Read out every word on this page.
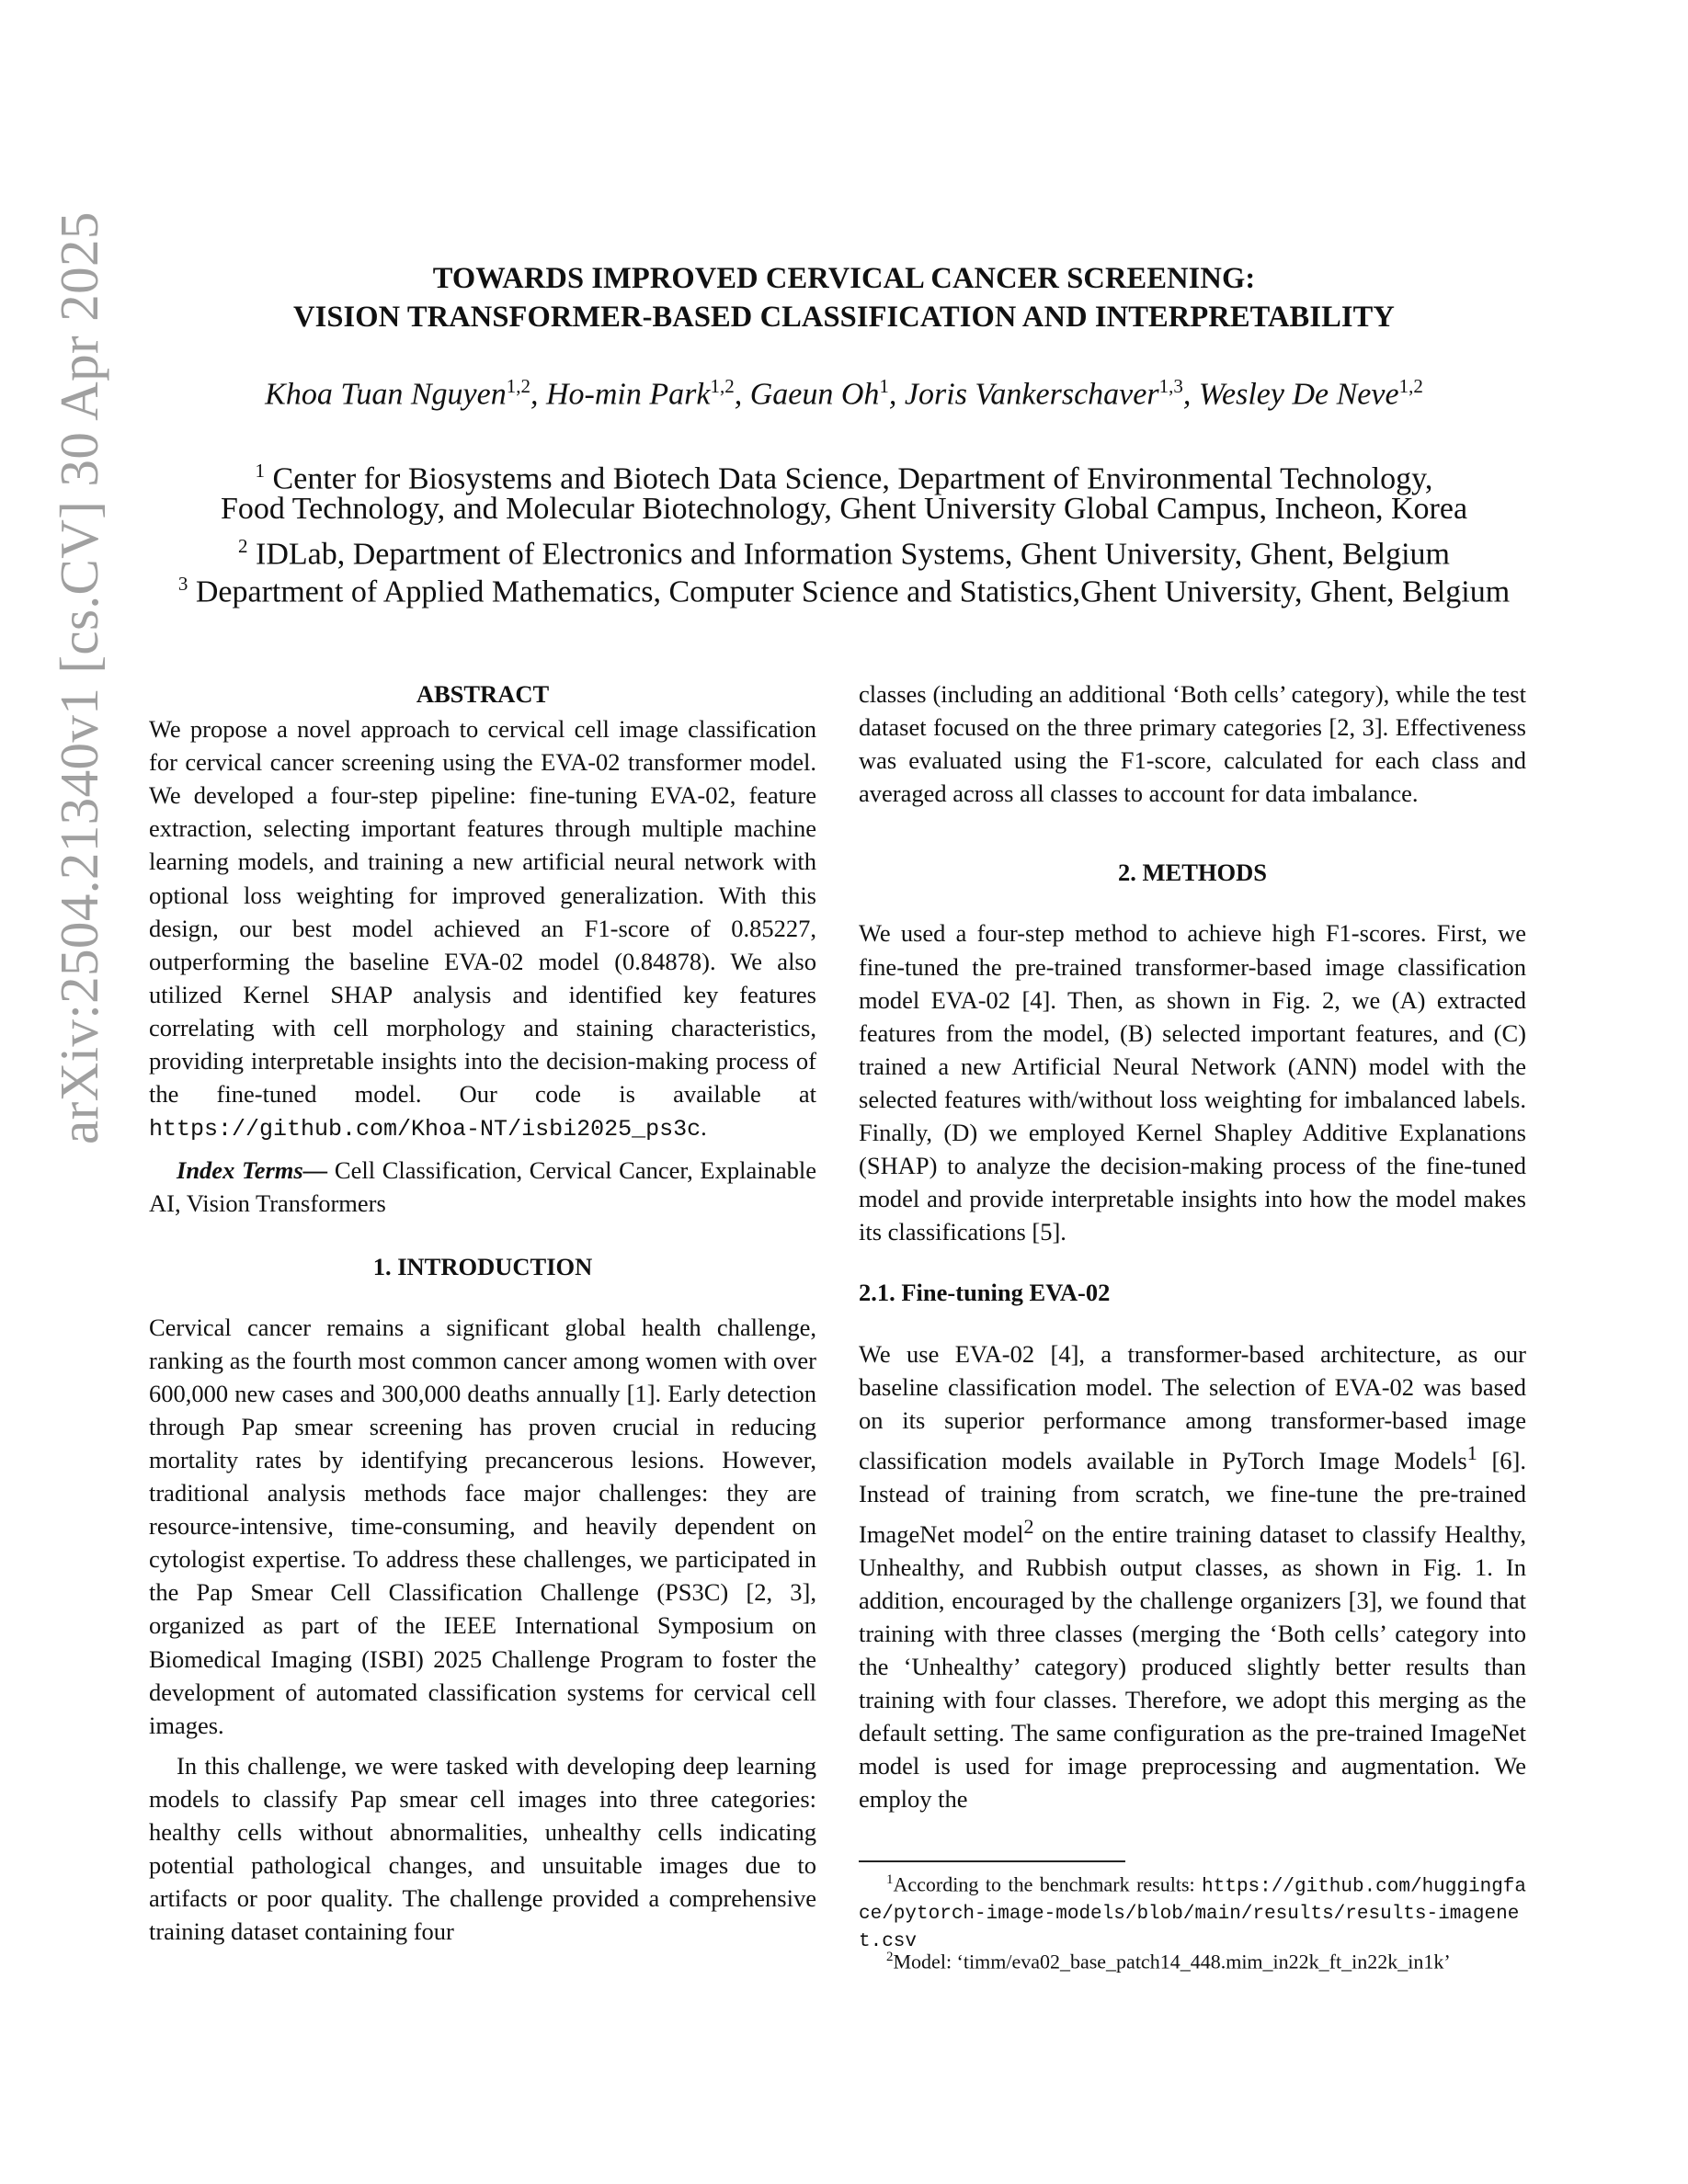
arXiv:2504.21340v1 [cs.CV] 30 Apr 2025	TOWARDS IMPROVED CERVICAL CANCER SCREENING:
VISION TRANSFORMER-BASED CLASSIFICATION AND INTERPRETABILITY
Khoa Tuan Nguyen$^{1,2}$, Ho-min Park$^{1,2}$, Gaeun Oh$^1$, Joris Vankerschaver$^{1,3}$, Wesley De Neve$^{1,2}$
$^1$ Center for Biosystems and Biotech Data Science, Department of Environmental Technology,
Food Technology, and Molecular Biotechnology, Ghent University Global Campus, Incheon, Korea
$^2$ IDLab, Department of Electronics and Information Systems, Ghent University, Ghent, Belgium
$^3$ Department of Applied Mathematics, Computer Science and Statistics,Ghent University, Ghent, Belgium

ABSTRACT

We propose a novel approach to cervical cell image classification for cervical cancer screening using the EVA-02 transformer model. We developed a four-step pipeline: fine-tuning EVA-02, feature extraction, selecting important features through multiple machine learning models, and training a new artificial neural network with optional loss weighting for improved generalization. With this design, our best model achieved an F1-score of 0.85227, outperforming the baseline EVA-02 model (0.84878). We also utilized Kernel SHAP analysis and identified key features correlating with cell morphology and staining characteristics, providing interpretable insights into the decision-making process of the fine-tuned model. Our code is available at https://github.com/Khoa-NT/isbi2025_ps3c.

Index Terms— Cell Classification, Cervical Cancer, Explainable AI, Vision Transformers

1. INTRODUCTION

Cervical cancer remains a significant global health challenge, ranking as the fourth most common cancer among women with over 600,000 new cases and 300,000 deaths annually [1]. Early detection through Pap smear screening has proven crucial in reducing mortality rates by identifying precancerous lesions. However, traditional analysis methods face major challenges: they are resource-intensive, time-consuming, and heavily dependent on cytologist expertise. To address these challenges, we participated in the Pap Smear Cell Classification Challenge (PS3C) [2, 3], organized as part of the IEEE International Symposium on Biomedical Imaging (ISBI) 2025 Challenge Program to foster the development of automated classification systems for cervical cell images.

In this challenge, we were tasked with developing deep learning models to classify Pap smear cell images into three categories: healthy cells without abnormalities, unhealthy cells indicating potential pathological changes, and unsuitable images due to artifacts or poor quality. The challenge provided a comprehensive training dataset containing four

classes (including an additional ‘Both cells’ category), while the test dataset focused on the three primary categories [2, 3]. Effectiveness was evaluated using the F1-score, calculated for each class and averaged across all classes to account for data imbalance.

2. METHODS

We used a four-step method to achieve high F1-scores. First, we fine-tuned the pre-trained transformer-based image classification model EVA-02 [4]. Then, as shown in Fig. 2, we (A) extracted features from the model, (B) selected important features, and (C) trained a new Artificial Neural Network (ANN) model with the selected features with/without loss weighting for imbalanced labels. Finally, (D) we employed Kernel Shapley Additive Explanations (SHAP) to analyze the decision-making process of the fine-tuned model and provide interpretable insights into how the model makes its classifications [5].

2.1. Fine-tuning EVA-02

We use EVA-02 [4], a transformer-based architecture, as our baseline classification model. The selection of EVA-02 was based on its superior performance among transformer-based image classification models available in PyTorch Image Models$^1$ [6]. Instead of training from scratch, we fine-tune the pre-trained ImageNet model$^2$ on the entire training dataset to classify Healthy, Unhealthy, and Rubbish output classes, as shown in Fig. 1. In addition, encouraged by the challenge organizers [3], we found that training with three classes (merging the ‘Both cells’ category into the ‘Unhealthy’ category) produced slightly better results than training with four classes. Therefore, we adopt this merging as the default setting. The same configuration as the pre-trained ImageNet model is used for image preprocessing and augmentation. We employ the

$^1$According to the benchmark results: https://github.com/huggingface/pytorch-image-models/blob/main/results/results-imagenet.csv
$^2$Model: ‘timm/eva02_base_patch14_448.mim_in22k_ft_in22k_in1k’
